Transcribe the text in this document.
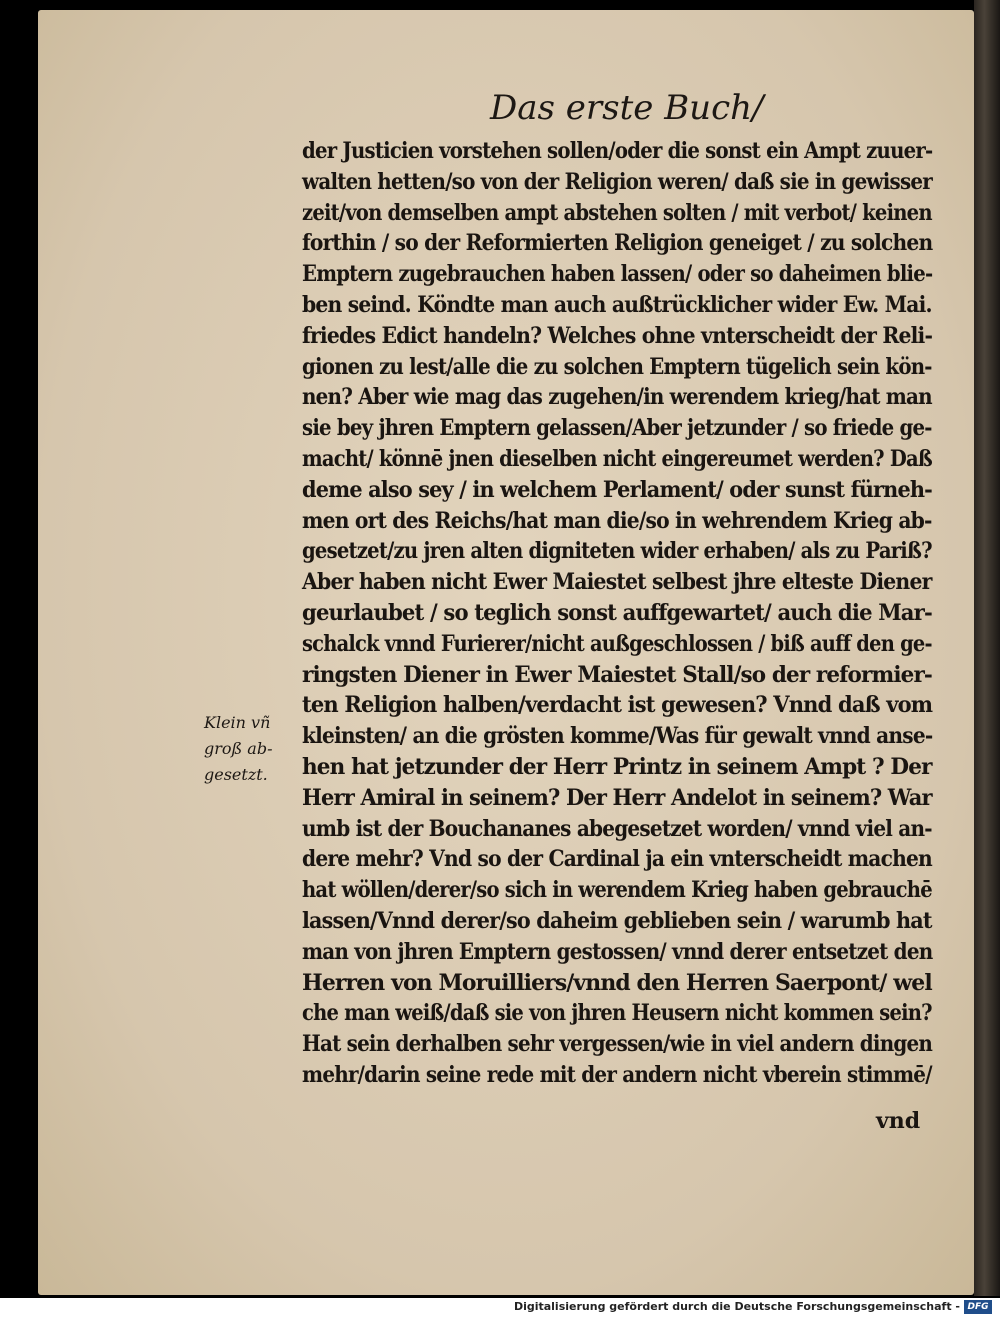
Das erste Buch/
der Justicien vorstehen sollen/oder die sonst ein Ampt zuuer-
walten hetten/so von der Religion weren/ daß sie in gewisser
zeit/von demselben ampt abstehen solten / mit verbot/ keinen
forthin / so der Reformierten Religion geneiget / zu solchen
Emptern zugebrauchen haben lassen/ oder so daheimen blie-
ben seind. Köndte man auch außtrücklicher wider Ew. Mai.
friedes Edict handeln? Welches ohne vnterscheidt der Reli-
gionen zu lest/alle die zu solchen Emptern tügelich sein kön-
nen? Aber wie mag das zugehen/in werendem krieg/hat man
sie bey jhren Emptern gelassen/Aber jetzunder / so friede ge-
macht/ könnē jnen dieselben nicht eingereumet werden? Daß
deme also sey / in welchem Perlament/ oder sunst fürneh-
men ort des Reichs/hat man die/so in wehrendem Krieg ab-
gesetzet/zu jren alten digniteten wider erhaben/ als zu Pariß?
Aber haben nicht Ewer Maiestet selbest jhre elteste Diener
geurlaubet / so teglich sonst auffgewartet/ auch die Mar-
schalck vnnd Furierer/nicht außgeschlossen / biß auff den ge-
ringsten Diener in Ewer Maiestet Stall/so der reformier-
ten Religion halben/verdacht ist gewesen? Vnnd daß vom
kleinsten/ an die grösten komme/Was für gewalt vnnd anse-
hen hat jetzunder der Herr Printz in seinem Ampt ? Der
Herr Amiral in seinem? Der Herr Andelot in seinem? War
umb ist der Bouchananes abegesetzet worden/ vnnd viel an-
dere mehr? Vnd so der Cardinal ja ein vnterscheidt machen
hat wöllen/derer/so sich in werendem Krieg haben gebrauchē
lassen/Vnnd derer/so daheim geblieben sein / warumb hat
man von jhren Emptern gestossen/ vnnd derer entsetzet den
Herren von Moruilliers/vnnd den Herren Saerpont/ wel
che man weiß/daß sie von jhren Heusern nicht kommen sein?
Hat sein derhalben sehr vergessen/wie in viel andern dingen
mehr/darin seine rede mit der andern nicht vberein stimmē/
Klein vñ
groß ab-
gesetzt.
vnd
Digitalisierung gefördert durch die Deutsche Forschungsgemeinschaft - DFG
